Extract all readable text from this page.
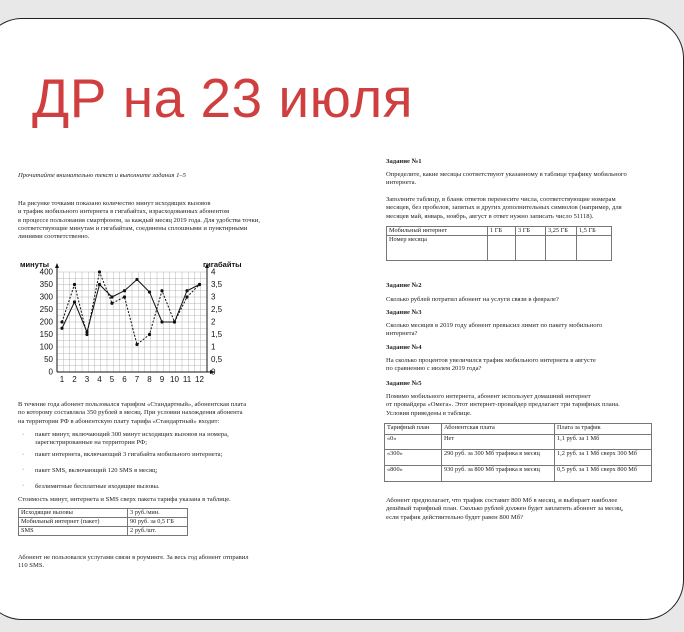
ДР на 23 июля
Прочитайте внимательно текст и выполните задания 1–5
На рисунке точками показано количество минут исходящих вызовов
и трафик мобильного интернета в гигабайтах, израсходованных абонентом
в процессе пользования смартфоном, за каждый месяц 2019 года. Для удобства точки,
соответствующие минутам и гигабайтам, соединены сплошными и пунктирными
линиями соответственно.
минуты	гигабайты
0
50
100
150
200
250
300
350
400
0
0,5
1
1,5
2
2,5
3
3,5
4
1 2 3 4 5 6 7 8 9 10 11 12
В течение года абонент пользовался тарифом «Стандартный», абонентская плата
по которому составляла 350 рублей в месяц. При условии нахождения абонента
на территории РФ в абонентскую плату тарифа «Стандартный» входит:
· пакет минут, включающий 300 минут исходящих вызовов на номера,
зарегистрированные на территории РФ;
· пакет интернета, включающий 3 гигабайта мобильного интернета;
· пакет SMS, включающий 120 SMS в месяц;
· безлимитные бесплатные входящие вызовы.
Стоимость минут, интернета и SMS сверх пакета тарифа указана в таблице.
Исходящие вызовы	3 руб./мин.
Мобильный интернет (пакет)	90 руб. за 0,5 ГБ
SMS	2 руб./шт.
Абонент не пользовался услугами связи в роуминге. За весь год абонент отправил
110 SMS.
Задание №1
Определите, какие месяцы соответствуют указанному в таблице трафику мобильного
интернета.
Заполните таблицу, в бланк ответов перенесите числа, соответствующие номерам
месяцев, без пробелов, запятых и других дополнительных символов (например, для
месяцев май, январь, ноябрь, август в ответ нужно записать число 51118).
Мобильный интернет	1 ГБ	3 ГБ	3,25 ГБ	1,5 ГБ
Номер месяца				
Задание №2
Сколько рублей потратил абонент на услуги связи в феврале?
Задание №3
Сколько месяцев в 2019 году абонент превысил лимит по пакету мобильного
интернета?
Задание №4
На сколько процентов увеличился трафик мобильного интернета в августе
по сравнению с июлем 2019 года?
Задание №5
Помимо мобильного интернета, абонент использует домашний интернет
от провайдера «Омега». Этот интернет-провайдер предлагает три тарифных плана.
Условия приведены в таблице.
Тарифный план	Абонентская плата	Плата за трафик
«0»	Нет	1,1 руб. за 1 Мб
«300»	290 руб. за 300 Мб трафика в месяц	1,2 руб. за 1 Мб сверх 300 Мб
«800»	930 руб. за 800 Мб трафика в месяц	0,5 руб. за 1 Мб сверх 800 Мб
Абонент предполагает, что трафик составит 800 Мб в месяц, и выбирает наиболее
дешёвый тарифный план. Сколько рублей должен будет заплатить абонент за месяц,
если трафик действительно будет равен 800 Мб?
